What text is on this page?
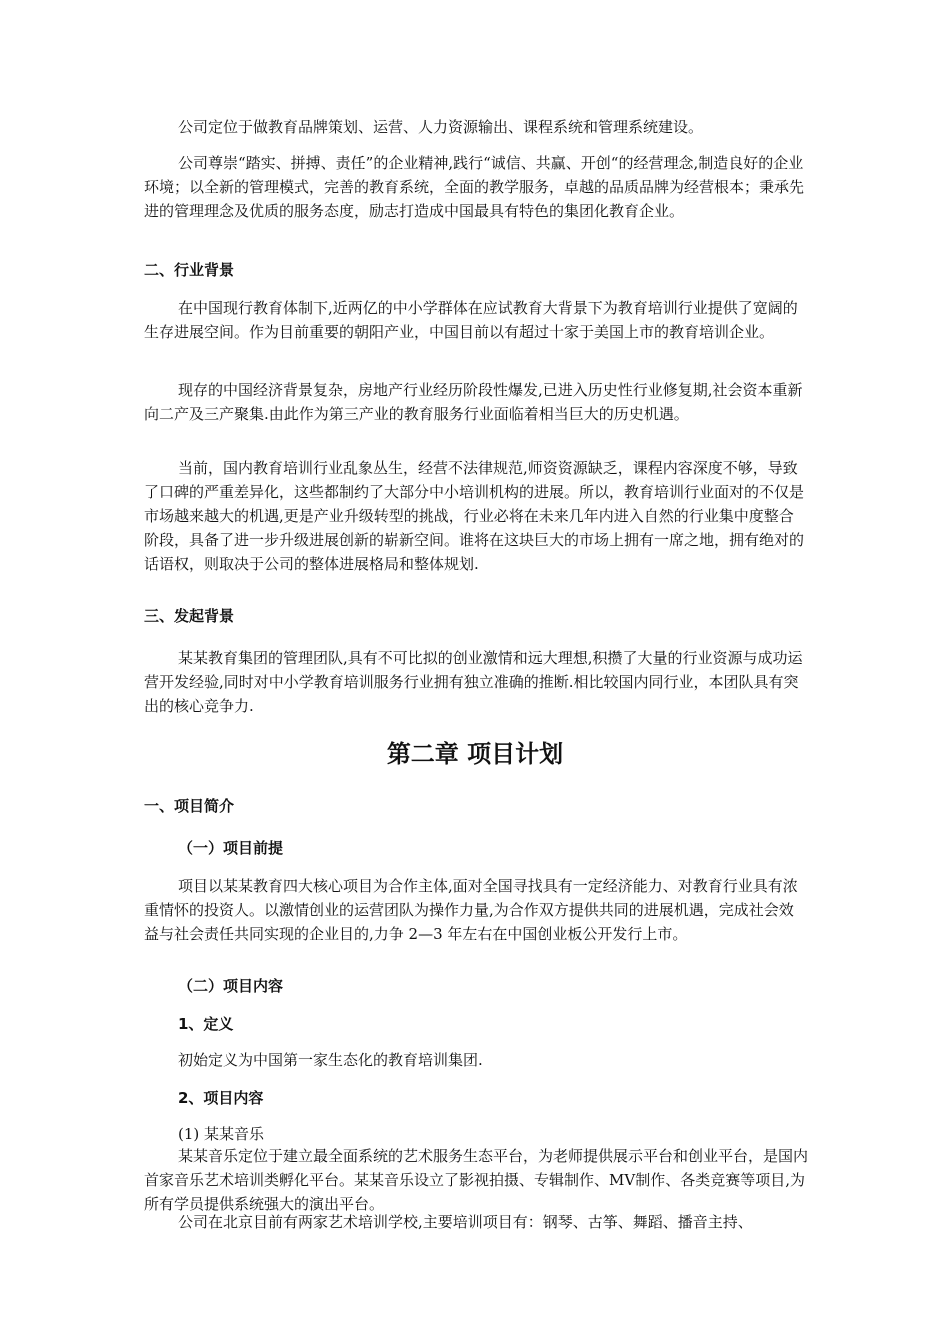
公司定位于做教育品牌策划、运营、人力资源输出、课程系统和管理系统建设。

公司尊崇“踏实、拼搏、责任”的企业精神,践行“诚信、共赢、开创“的经营理念,制造良好的企业环境；以全新的管理模式，完善的教育系统，全面的教学服务，卓越的品质品牌为经营根本；秉承先进的管理理念及优质的服务态度，励志打造成中国最具有特色的集团化教育企业。

二、行业背景

在中国现行教育体制下,近两亿的中小学群体在应试教育大背景下为教育培训行业提供了宽阔的生存进展空间。作为目前重要的朝阳产业，中国目前以有超过十家于美国上市的教育培训企业。

现存的中国经济背景复杂，房地产行业经历阶段性爆发,已进入历史性行业修复期,社会资本重新向二产及三产聚集.由此作为第三产业的教育服务行业面临着相当巨大的历史机遇。

当前，国内教育培训行业乱象丛生，经营不法律规范,师资资源缺乏，课程内容深度不够，导致了口碑的严重差异化，这些都制约了大部分中小培训机构的进展。所以，教育培训行业面对的不仅是市场越来越大的机遇,更是产业升级转型的挑战，行业必将在未来几年内进入自然的行业集中度整合阶段，具备了进一步升级进展创新的崭新空间。谁将在这块巨大的市场上拥有一席之地，拥有绝对的话语权，则取决于公司的整体进展格局和整体规划.

三、发起背景

某某教育集团的管理团队,具有不可比拟的创业激情和远大理想,积攒了大量的行业资源与成功运营开发经验,同时对中小学教育培训服务行业拥有独立准确的推断.相比较国内同行业，本团队具有突出的核心竞争力.

第二章 项目计划
一、项目简介
（一）项目前提

项目以某某教育四大核心项目为合作主体,面对全国寻找具有一定经济能力、对教育行业具有浓重情怀的投资人。以激情创业的运营团队为操作力量,为合作双方提供共同的进展机遇，完成社会效益与社会责任共同实现的企业目的,力争 2—3 年左右在中国创业板公开发行上市。

（二）项目内容
1、定义

初始定义为中国第一家生态化的教育培训集团.

2、项目内容

(1) 某某音乐

某某音乐定位于建立最全面系统的艺术服务生态平台，为老师提供展示平台和创业平台，是国内首家音乐艺术培训类孵化平台。某某音乐设立了影视拍摄、专辑制作、MV制作、各类竞赛等项目,为所有学员提供系统强大的演出平台。

公司在北京目前有两家艺术培训学校,主要培训项目有：钢琴、古筝、舞蹈、播音主持、
